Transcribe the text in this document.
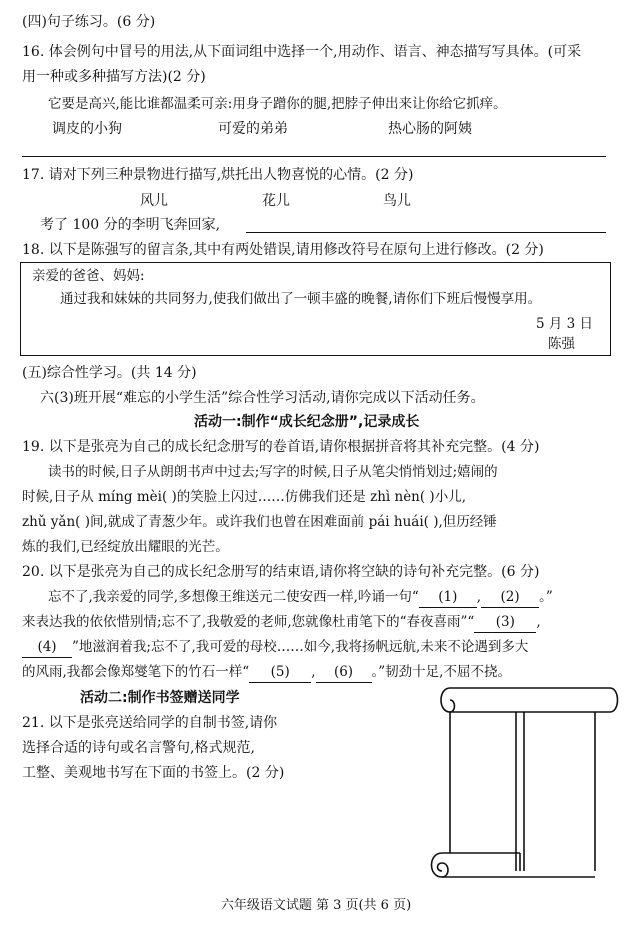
(四)句子练习。(6 分)
16. 体会例句中冒号的用法,从下面词组中选择一个,用动作、语言、神态描写写具体。(可采
用一种或多种描写方法)(2 分)
它要是高兴,能比谁都温柔可亲:用身子蹭你的腿,把脖子伸出来让你给它抓痒。
调皮的小狗	可爱的弟弟	热心肠的阿姨
17. 请对下列三种景物进行描写,烘托出人物喜悦的心情。(2 分)
风儿	花儿	鸟儿
考了 100 分的李明飞奔回家,
18. 以下是陈强写的留言条,其中有两处错误,请用修改符号在原句上进行修改。(2 分)
亲爱的爸爸、妈妈:
通过我和妹妹的共同努力,使我们做出了一顿丰盛的晚餐,请你们下班后慢慢享用。
5 月 3 日
陈强
(五)综合性学习。(共 14 分)
六(3)班开展“难忘的小学生活”综合性学习活动,请你完成以下活动任务。
活动一:制作“成长纪念册”,记录成长
19. 以下是张亮为自己的成长纪念册写的卷首语,请你根据拼音将其补充完整。(4 分)
读书的时候,日子从朗朗书声中过去;写字的时候,日子从笔尖悄悄划过;嬉闹的
时候,日子从 míng mèi( )的笑脸上闪过……仿佛我们还是 zhì nèn( )小儿,
zhǔ yǎn( )间,就成了青葱少年。或许我们也曾在困难面前 pái huái( ),但历经锤
炼的我们,已经绽放出耀眼的光芒。
20. 以下是张亮为自己的成长纪念册写的结束语,请你将空缺的诗句补充完整。(6 分)
忘不了,我亲爱的同学,多想像王维送元二使安西一样,吟诵一句“ (1) , (2) 。”
来表达我的依依惜别情;忘不了,我敬爱的老师,您就像杜甫笔下的“春夜喜雨”“ (3) ,
(4) ”地滋润着我;忘不了,我可爱的母校……如今,我将扬帆远航,未来不论遇到多大
的风雨,我都会像郑燮笔下的竹石一样“ (5) , (6) 。”韧劲十足,不屈不挠。
活动二:制作书签赠送同学
21. 以下是张亮送给同学的自制书签,请你
选择合适的诗句或名言警句,格式规范,
工整、美观地书写在下面的书签上。(2 分)
六年级语文试题 第 3 页(共 6 页)
